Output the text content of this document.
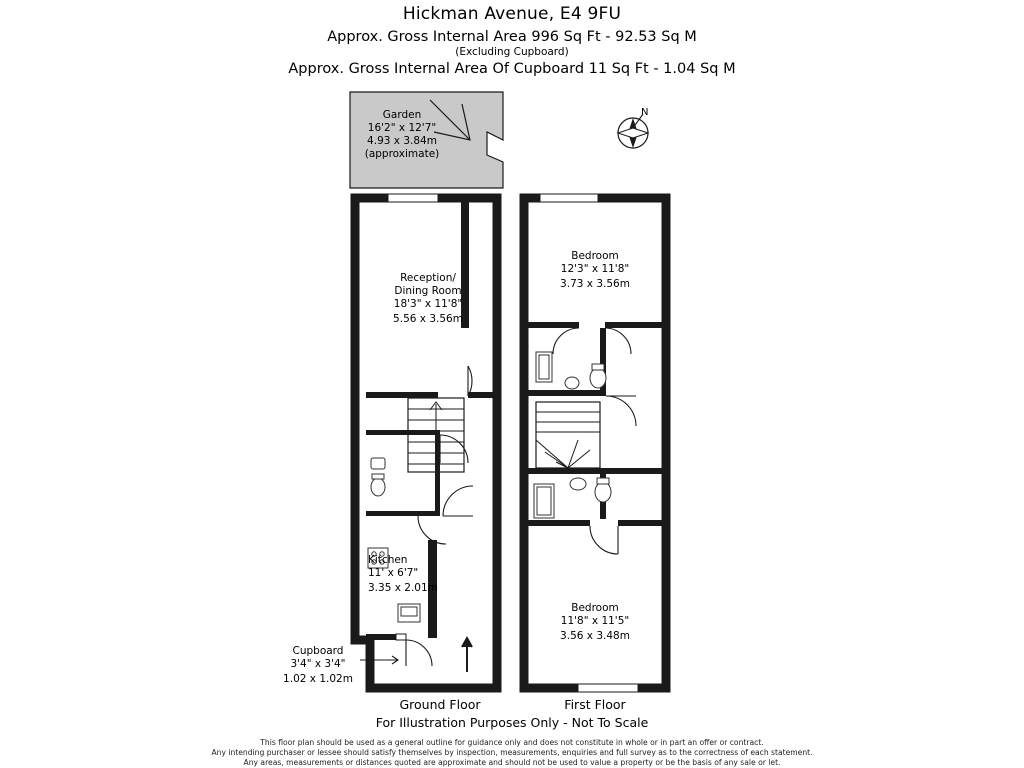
Hickman Avenue, E4 9FU
Approx. Gross Internal Area 996 Sq Ft - 92.53 Sq M
(Excluding Cupboard)
Approx. Gross Internal Area Of Cupboard 11 Sq Ft - 1.04 Sq M
N
Garden
16'2" x 12'7"
4.93 x 3.84m
(approximate)
Reception/
Dining Room
18'3" x 11'8"
5.56 x 3.56m
Kitchen
11' x 6'7"
3.35 x 2.01m
Cupboard
3'4" x 3'4"
1.02 x 1.02m
Bedroom
12'3" x 11'8"
3.73 x 3.56m
Bedroom
11'8" x 11'5"
3.56 x 3.48m
Ground Floor	First Floor
For Illustration Purposes Only - Not To Scale
This floor plan should be used as a general outline for guidance only and does not constitute in whole or in part an offer or contract.
Any intending purchaser or lessee should satisfy themselves by inspection, measurements, enquiries and full survey as to the correctness of each statement.
Any areas, measurements or distances quoted are approximate and should not be used to value a property or be the basis of any sale or let.
